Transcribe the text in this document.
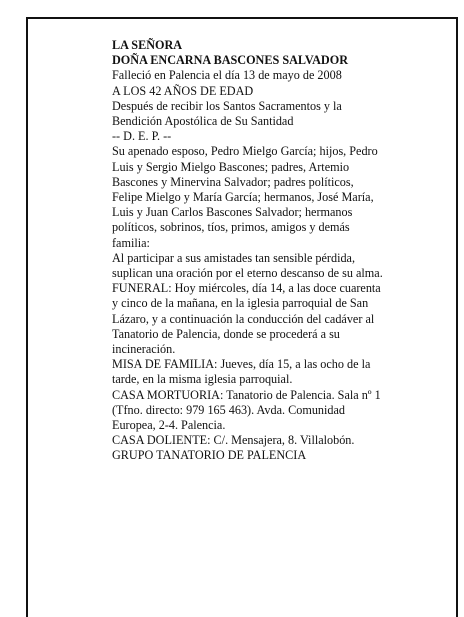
LA SEÑORA
DOÑA ENCARNA BASCONES SALVADOR
Falleció en Palencia el día 13 de mayo de 2008
A LOS 42 AÑOS DE EDAD
Después de recibir los Santos Sacramentos y la
Bendición Apostólica de Su Santidad
-- D. E. P. --
Su apenado esposo, Pedro Mielgo García; hijos, Pedro
Luis y Sergio Mielgo Bascones; padres, Artemio
Bascones y Minervina Salvador; padres políticos,
Felipe Mielgo y María García; hermanos, José María,
Luis y Juan Carlos Bascones Salvador; hermanos
políticos, sobrinos, tíos, primos, amigos y demás
familia:
Al participar a sus amistades tan sensible pérdida,
suplican una oración por el eterno descanso de su alma.
FUNERAL: Hoy miércoles, día 14, a las doce cuarenta
y cinco de la mañana, en la iglesia parroquial de San
Lázaro, y a continuación la conducción del cadáver al
Tanatorio de Palencia, donde se procederá a su
incineración.
MISA DE FAMILIA: Jueves, día 15, a las ocho de la
tarde, en la misma iglesia parroquial.
CASA MORTUORIA: Tanatorio de Palencia. Sala nº 1
(Tfno. directo: 979 165 463). Avda. Comunidad
Europea, 2-4. Palencia.
CASA DOLIENTE: C/. Mensajera, 8. Villalobón.
GRUPO TANATORIO DE PALENCIA
